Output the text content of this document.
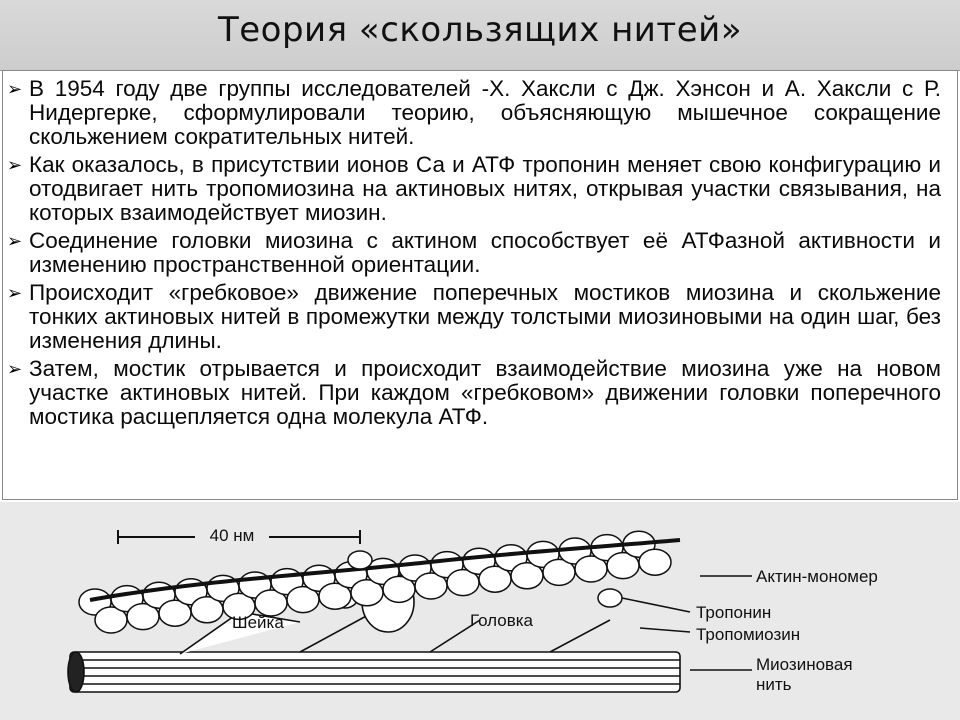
Теория «скользящих нитей»
➢ В 1954 году две группы исследователей -Х. Хаксли с Дж. Хэнсон и А. Хаксли с Р. Нидергерке, сформулировали теорию, объясняющую мышечное сокращение скольжением сократительных нитей.
➢ Как оказалось, в присутствии ионов Са и АТФ тропонин меняет свою конфигурацию и отодвигает нить тропомиозина на актиновых нитях, открывая участки связывания, на которых взаимодействует миозин.
➢ Соединение головки миозина с актином способствует её АТФазной активности и изменению пространственной ориентации.
➢ Происходит «гребковое» движение поперечных мостиков миозина и скольжение тонких актиновых нитей в промежутки между толстыми миозиновыми на один шаг, без изменения длины.
➢ Затем, мостик отрывается и происходит взаимодействие миозина уже на новом участке актиновых нитей. При каждом «гребковом» движении головки поперечного мостика расщепляется одна молекула АТФ.
40 нм
Актин-мономер
Тропонин
Тропомиозин
Миозиновая
нить
Шейка	Головка
